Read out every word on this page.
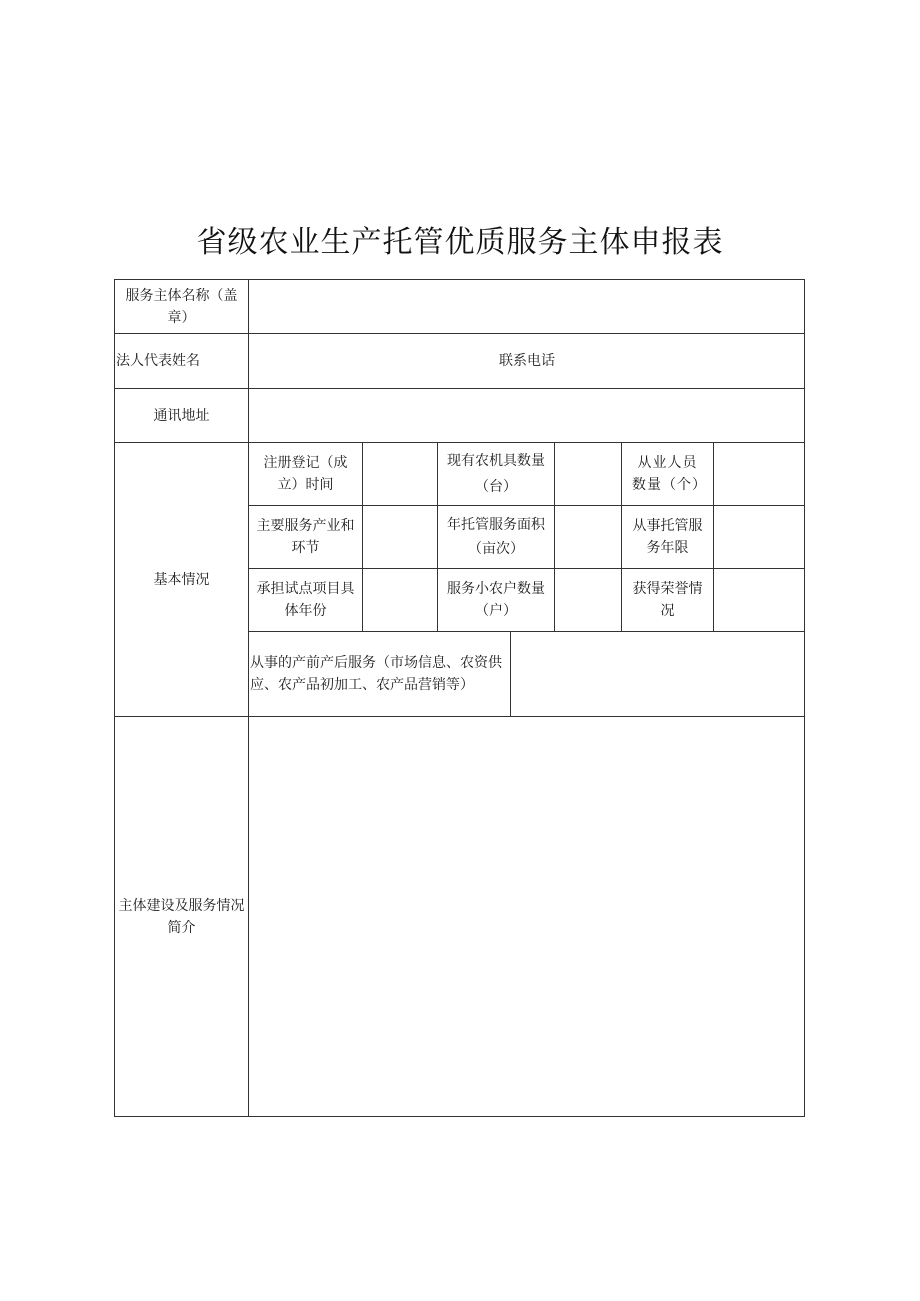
省级农业生产托管优质服务主体申报表
服务主体名称（盖章）
法人代表姓名	联系电话
通讯地址
基本情况
注册登记（成立）时间
现有农机具数量（台）
从业人员数量（个）
主要服务产业和环节
年托管服务面积（亩次）
从事托管服务年限
承担试点项目具体年份
服务小农户数量（户）
获得荣誉情况
从事的产前产后服务（市场信息、农资供应、农产品初加工、农产品营销等）
主体建设及服务情况简介
